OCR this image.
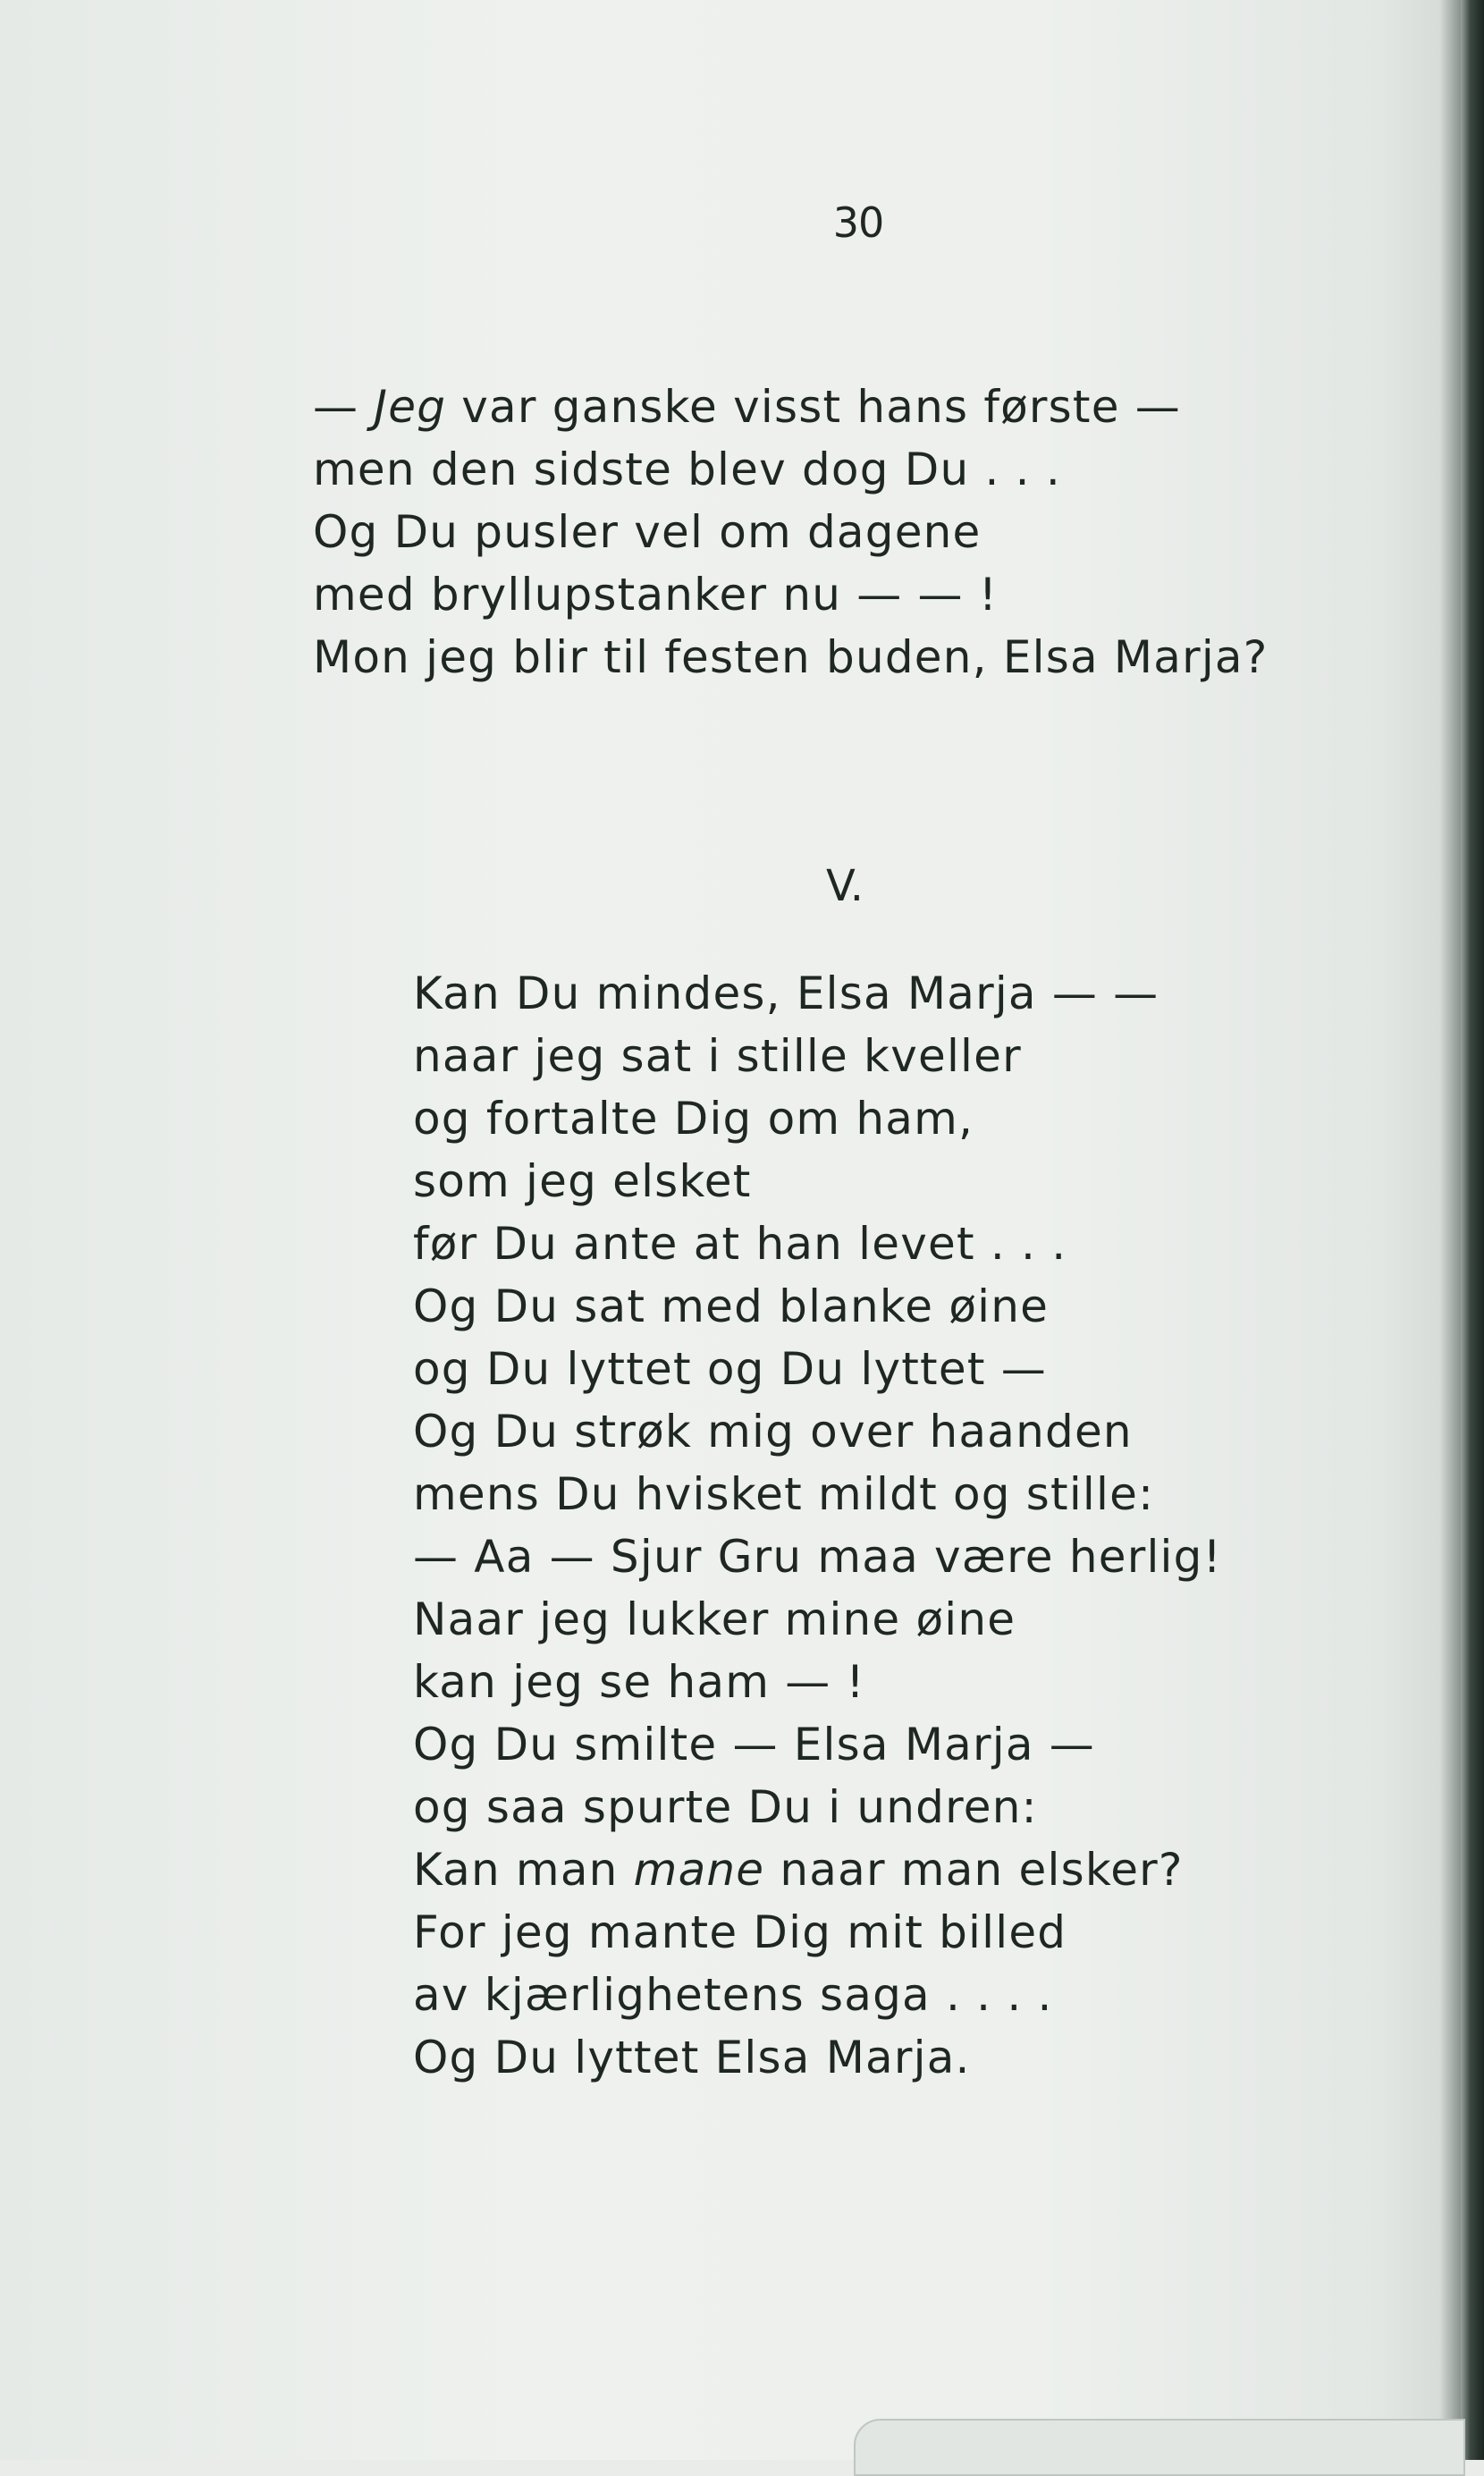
30
— Jeg var ganske visst hans første —
men den sidste blev dog Du . . .
Og Du pusler vel om dagene
med bryllupstanker nu — — !
Mon jeg blir til festen buden, Elsa Marja?
V.
Kan Du mindes, Elsa Marja — —
naar jeg sat i stille kveller
og fortalte Dig om ham,
som jeg elsket
før Du ante at han levet . . .
Og Du sat med blanke øine
og Du lyttet og Du lyttet —
Og Du strøk mig over haanden
mens Du hvisket mildt og stille:
— Aa — Sjur Gru maa være herlig!
Naar jeg lukker mine øine
kan jeg se ham — !
Og Du smilte — Elsa Marja —
og saa spurte Du i undren:
Kan man mane naar man elsker?
For jeg mante Dig mit billed
av kjærlighetens saga . . . .
Og Du lyttet Elsa Marja.
